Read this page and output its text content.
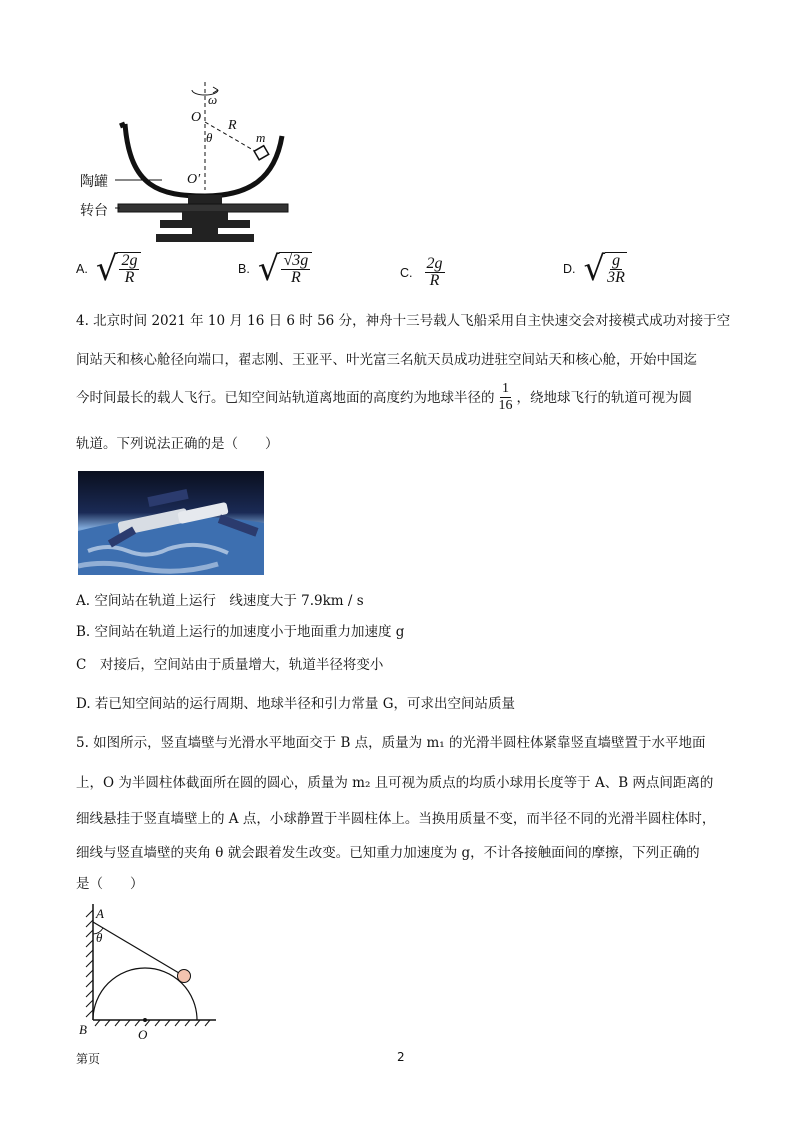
ω
O
R
m
θ
O′
陶罐
转台
A. √ $\frac{2g}{R}$	B. √ $\frac{√3g}{R}$	C. $\frac{2g}{R}$	D. √ $\frac{g}{3R}$
4. 北京时间 2021 年 10 月 16 日 6 时 56 分，神舟十三号载人飞船采用自主快速交会对接模式成功对接于空
间站天和核心舱径向端口，翟志刚、王亚平、叶光富三名航天员成功进驻空间站天和核心舱，开始中国迄
今时间最长的载人飞行。已知空间站轨道离地面的高度约为地球半径的 $\frac{1}{16}$ ，绕地球飞行的轨道可视为圆
轨道。下列说法正确的是（　　）
A. 空间站在轨道上运行　线速度大于 7.9km / s
B. 空间站在轨道上运行的加速度小于地面重力加速度 g
C　对接后，空间站由于质量增大，轨道半径将变小
D. 若已知空间站的运行周期、地球半径和引力常量 G，可求出空间站质量
5. 如图所示，竖直墙壁与光滑水平地面交于 B 点，质量为 m₁ 的光滑半圆柱体紧靠竖直墙壁置于水平地面
上，O 为半圆柱体截面所在圆的圆心，质量为 m₂ 且可视为质点的均质小球用长度等于 A、B 两点间距离的
细线悬挂于竖直墙壁上的 A 点，小球静置于半圆柱体上。当换用质量不变，而半径不同的光滑半圆柱体时，
细线与竖直墙壁的夹角 θ 就会跟着发生改变。已知重力加速度为 g，不计各接触面间的摩擦，下列正确的
是（　　）
A
θ
B	O
第页	2
